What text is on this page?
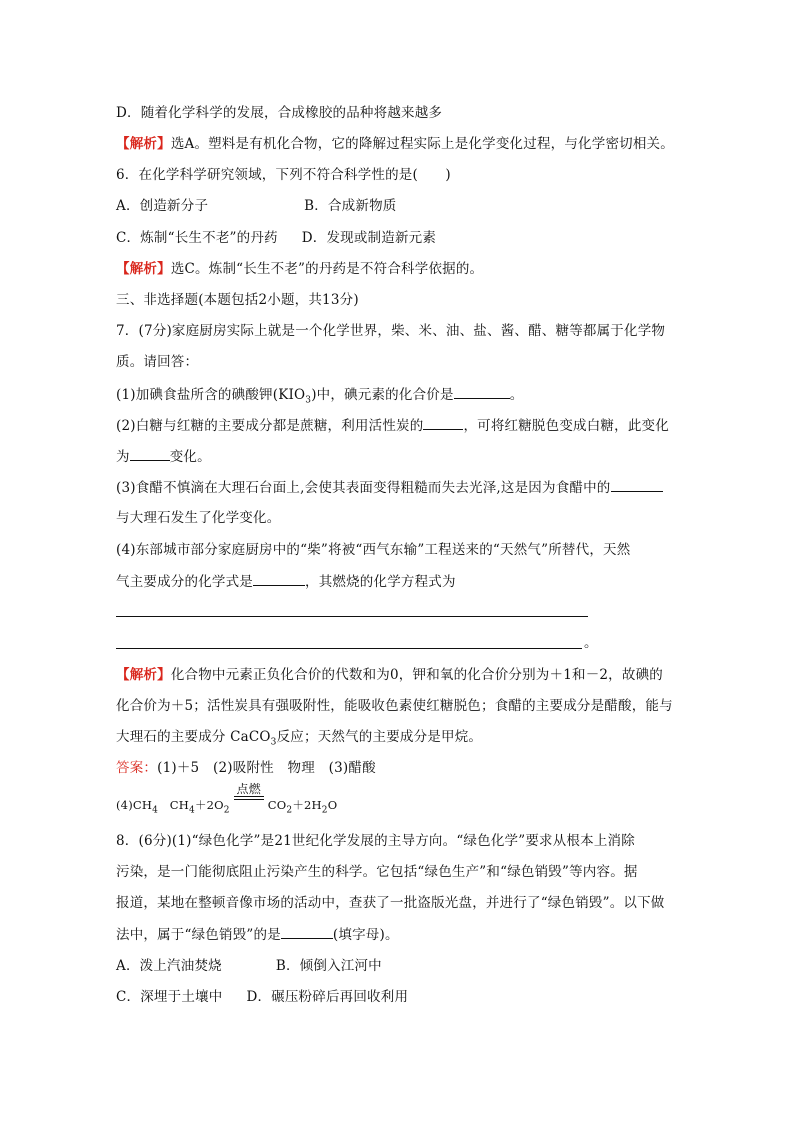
D．随着化学科学的发展，合成橡胶的品种将越来越多
【解析】选A。塑料是有机化合物，它的降解过程实际上是化学变化过程，与化学密切相关。
6．在化学科学研究领域，下列不符合科学性的是(　　)
A．创造新分子	B．合成新物质
C．炼制“长生不老”的丹药 D．发现或制造新元素
【解析】选C。炼制“长生不老”的丹药是不符合科学依据的。
三、非选择题(本题包括2小题，共13分)
7．(7分)家庭厨房实际上就是一个化学世界，柴、米、油、盐、酱、醋、糖等都属于化学物
质。请回答：
(1)加碘食盐所含的碘酸钾$(KIO_3)$中，碘元素的化合价是	。
(2)白糖与红糖的主要成分都是蔗糖，利用活性炭的	，可将红糖脱色变成白糖，此变化
为	变化。
(3)食醋不慎滴在大理石台面上,会使其表面变得粗糙而失去光泽,这是因为食醋中的
与大理石发生了化学变化。
(4)东部城市部分家庭厨房中的“柴”将被“西气东输”工程送来的“天然气”所替代，天然
气主要成分的化学式是	，其燃烧的化学方程式为
。
【解析】化合物中元素正负化合价的代数和为0，钾和氧的化合价分别为＋1和－2，故碘的
化合价为＋5；活性炭具有强吸附性，能吸收色素使红糖脱色；食醋的主要成分是醋酸，能与
大理石的主要成分 CaCO$_3$反应；天然气的主要成分是甲烷。
答案：(1)＋5　(2)吸附性　物理　(3)醋酸
$(4)CH_4$　$CH_4+2O_2$
点燃
$CO_2+2H_2O$
8．(6分)(1)“绿色化学”是21世纪化学发展的主导方向。“绿色化学”要求从根本上消除
污染，是一门能彻底阻止污染产生的科学。它包括“绿色生产”和“绿色销毁”等内容。据
报道，某地在整顿音像市场的活动中，查获了一批盗版光盘，并进行了“绿色销毁”。以下做
法中，属于“绿色销毁”的是	(填字母)。
A．泼上汽油焚烧	B．倾倒入江河中
C．深埋于土壤中 D．碾压粉碎后再回收利用
